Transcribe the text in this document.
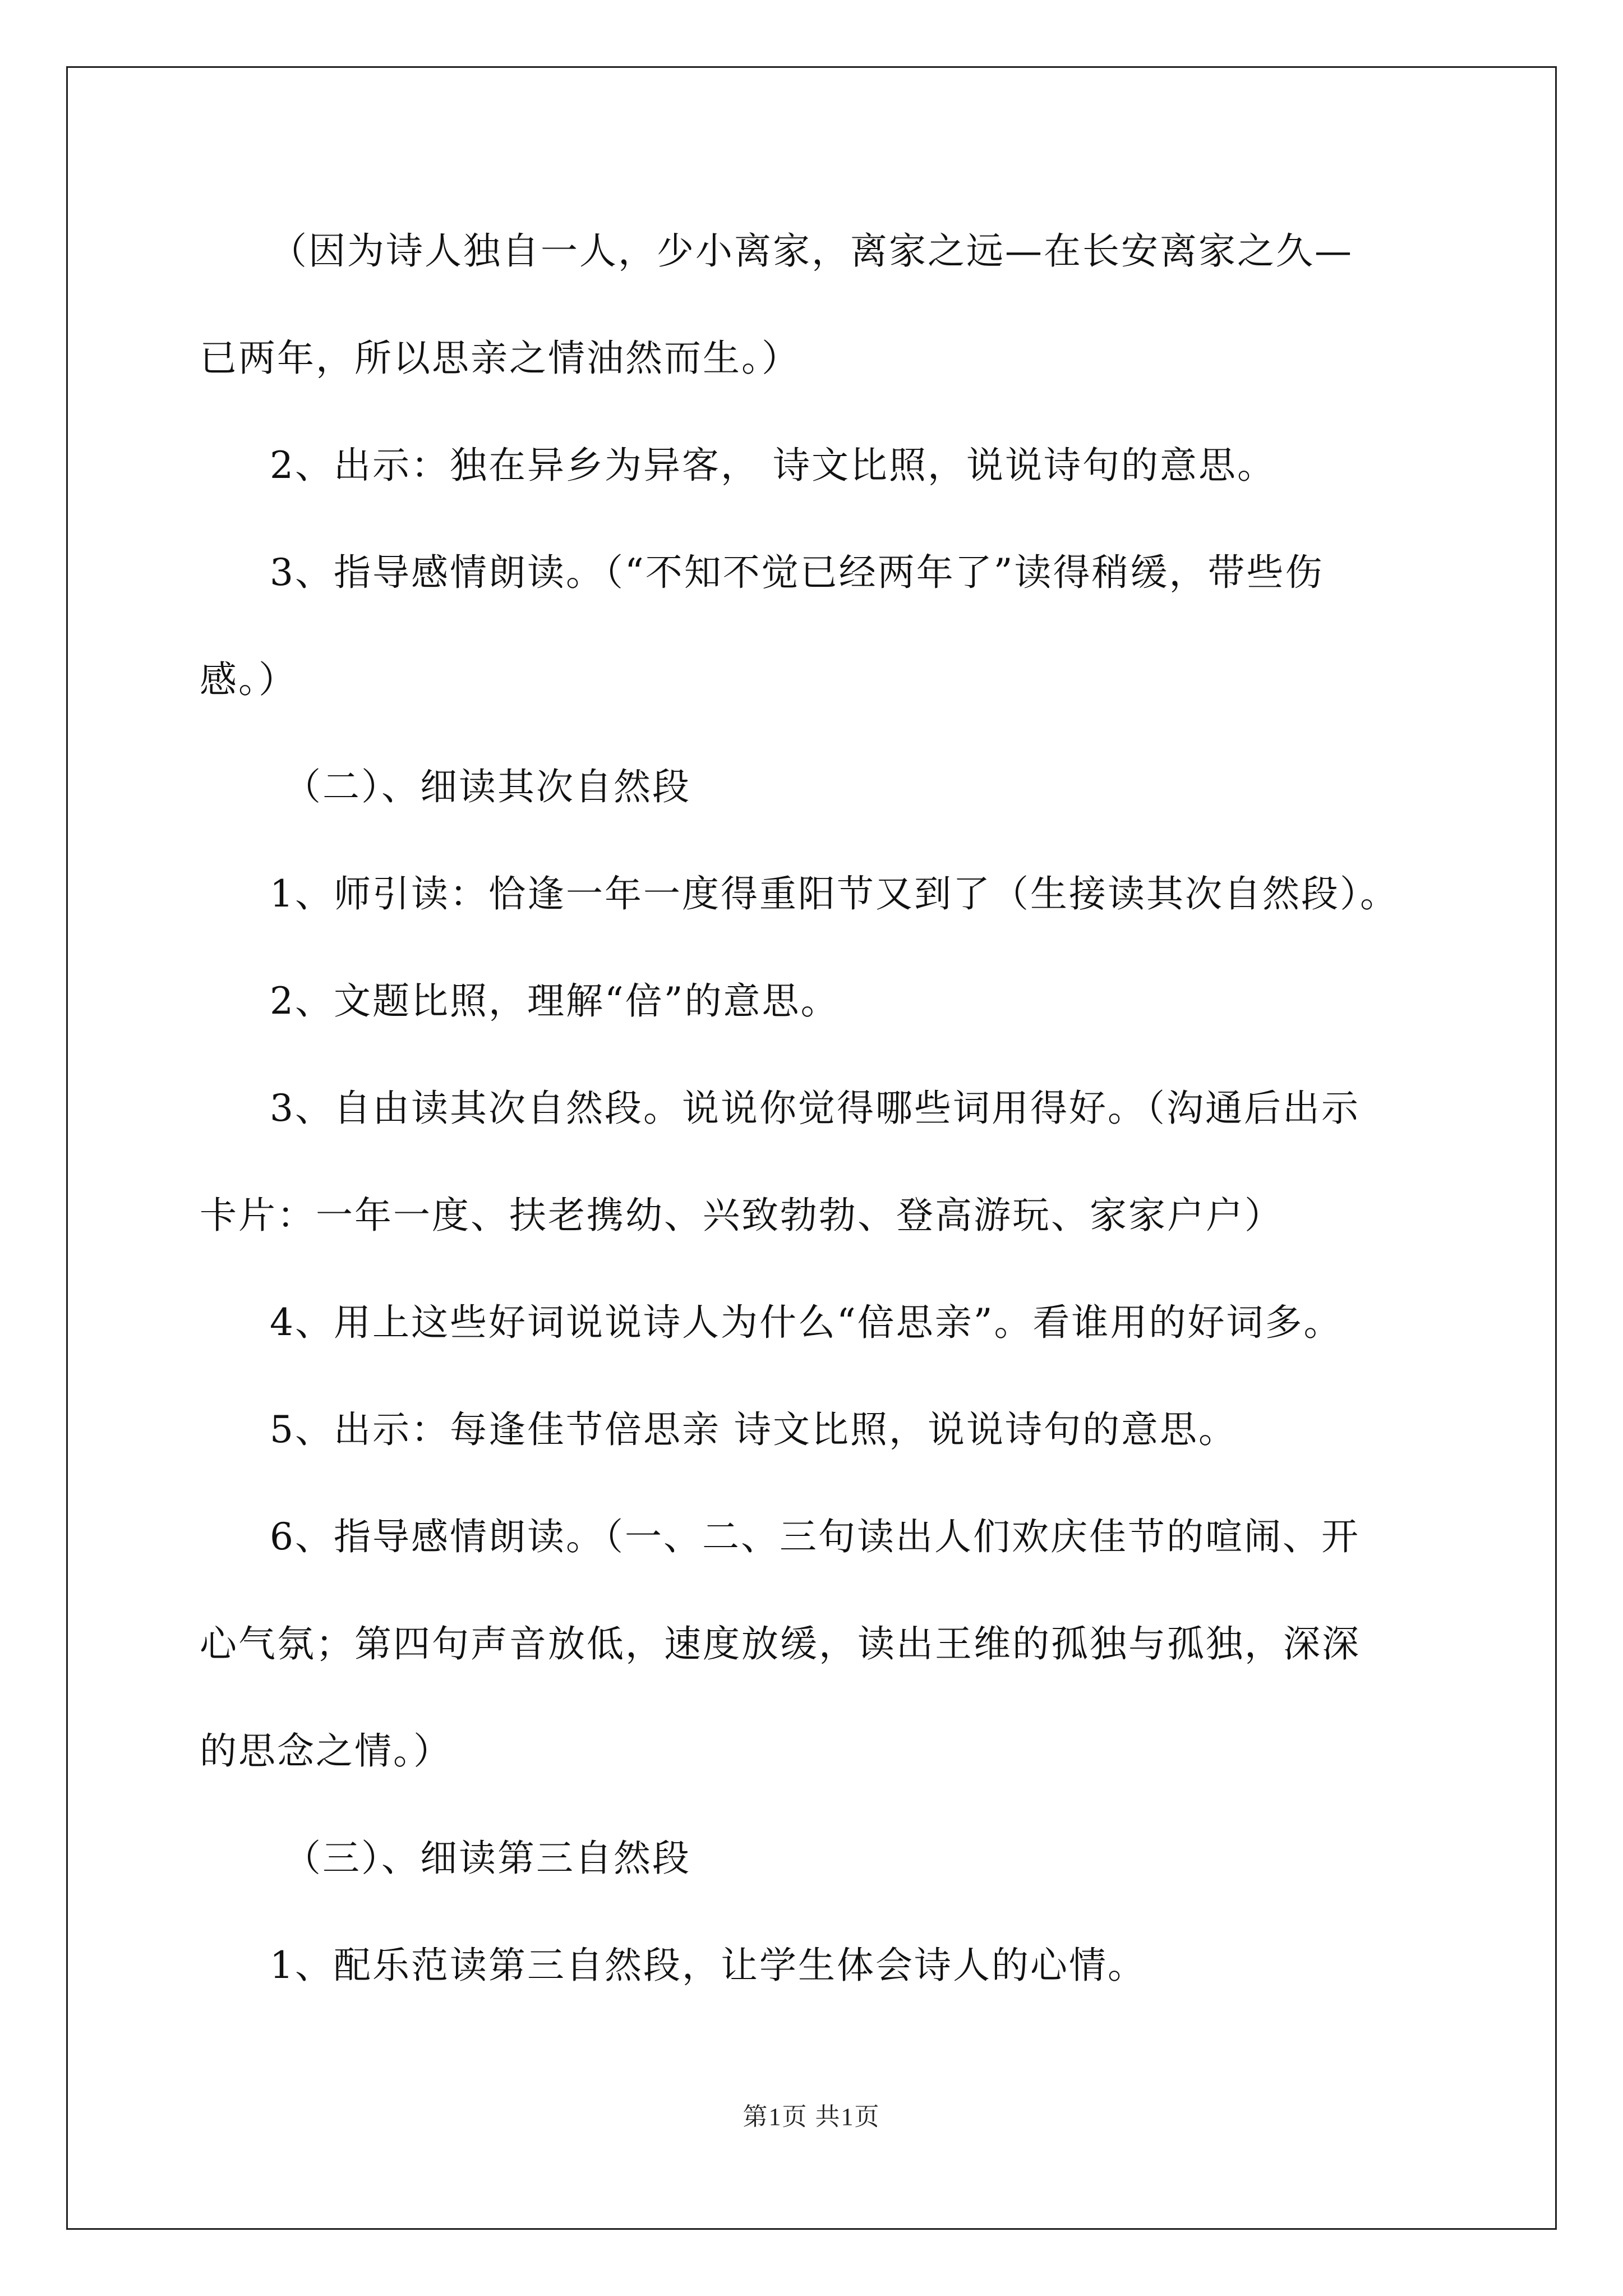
（因为诗人独自一人，少小离家，离家之远—在长安离家之久—
已两年，所以思亲之情油然而生。）
2、出示：独在异乡为异客， 诗文比照，说说诗句的意思。
3、指导感情朗读。（“不知不觉已经两年了”读得稍缓，带些伤
感。）
（二）、细读其次自然段
1、师引读：恰逢一年一度得重阳节又到了（生接读其次自然段）。
2、文题比照，理解“倍”的意思。
3、自由读其次自然段。说说你觉得哪些词用得好。（沟通后出示
卡片：一年一度、扶老携幼、兴致勃勃、登高游玩、家家户户）
4、用上这些好词说说诗人为什么“倍思亲”。看谁用的好词多。
5、出示：每逢佳节倍思亲 诗文比照，说说诗句的意思。
6、指导感情朗读。（一、二、三句读出人们欢庆佳节的喧闹、开
心气氛；第四句声音放低，速度放缓，读出王维的孤独与孤独，深深
的思念之情。）
（三）、细读第三自然段
1、配乐范读第三自然段，让学生体会诗人的心情。
第1页 共1页
